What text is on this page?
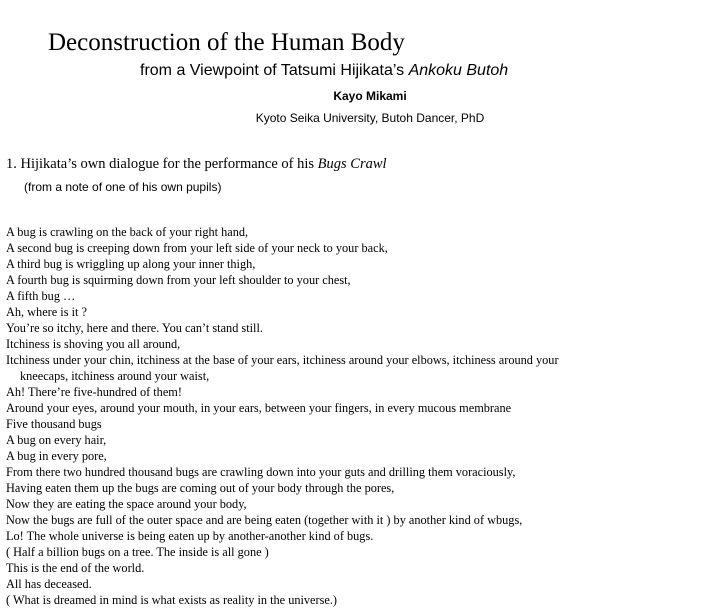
Deconstruction of the Human Body
from a Viewpoint of Tatsumi Hijikata’s Ankoku Butoh
Kayo Mikami
Kyoto Seika University, Butoh Dancer, PhD
1. Hijikata’s own dialogue for the performance of his Bugs Crawl
(from a note of one of his own pupils)
A bug is crawling on the back of your right hand,
A second bug is creeping down from your left side of your neck to your back,
A third bug is wriggling up along your inner thigh,
A fourth bug is squirming down from your left shoulder to your chest,
A fifth bug …
Ah, where is it ?
You’re so itchy, here and there. You can’t stand still.
Itchiness is shoving you all around,
Itchiness under your chin, itchiness at the base of your ears, itchiness around your elbows, itchiness around your
kneecaps, itchiness around your waist,
Ah! There’re five-hundred of them!
Around your eyes, around your mouth, in your ears, between your fingers, in every mucous membrane
Five thousand bugs
A bug on every hair,
A bug in every pore,
From there two hundred thousand bugs are crawling down into your guts and drilling them voraciously,
Having eaten them up the bugs are coming out of your body through the pores,
Now they are eating the space around your body,
Now the bugs are full of the outer space and are being eaten (together with it ) by another kind of wbugs,
Lo! The whole universe is being eaten up by another-another kind of bugs.
( Half a billion bugs on a tree. The inside is all gone )
This is the end of the world.
All has deceased.
( What is dreamed in mind is what exists as reality in the universe.)
